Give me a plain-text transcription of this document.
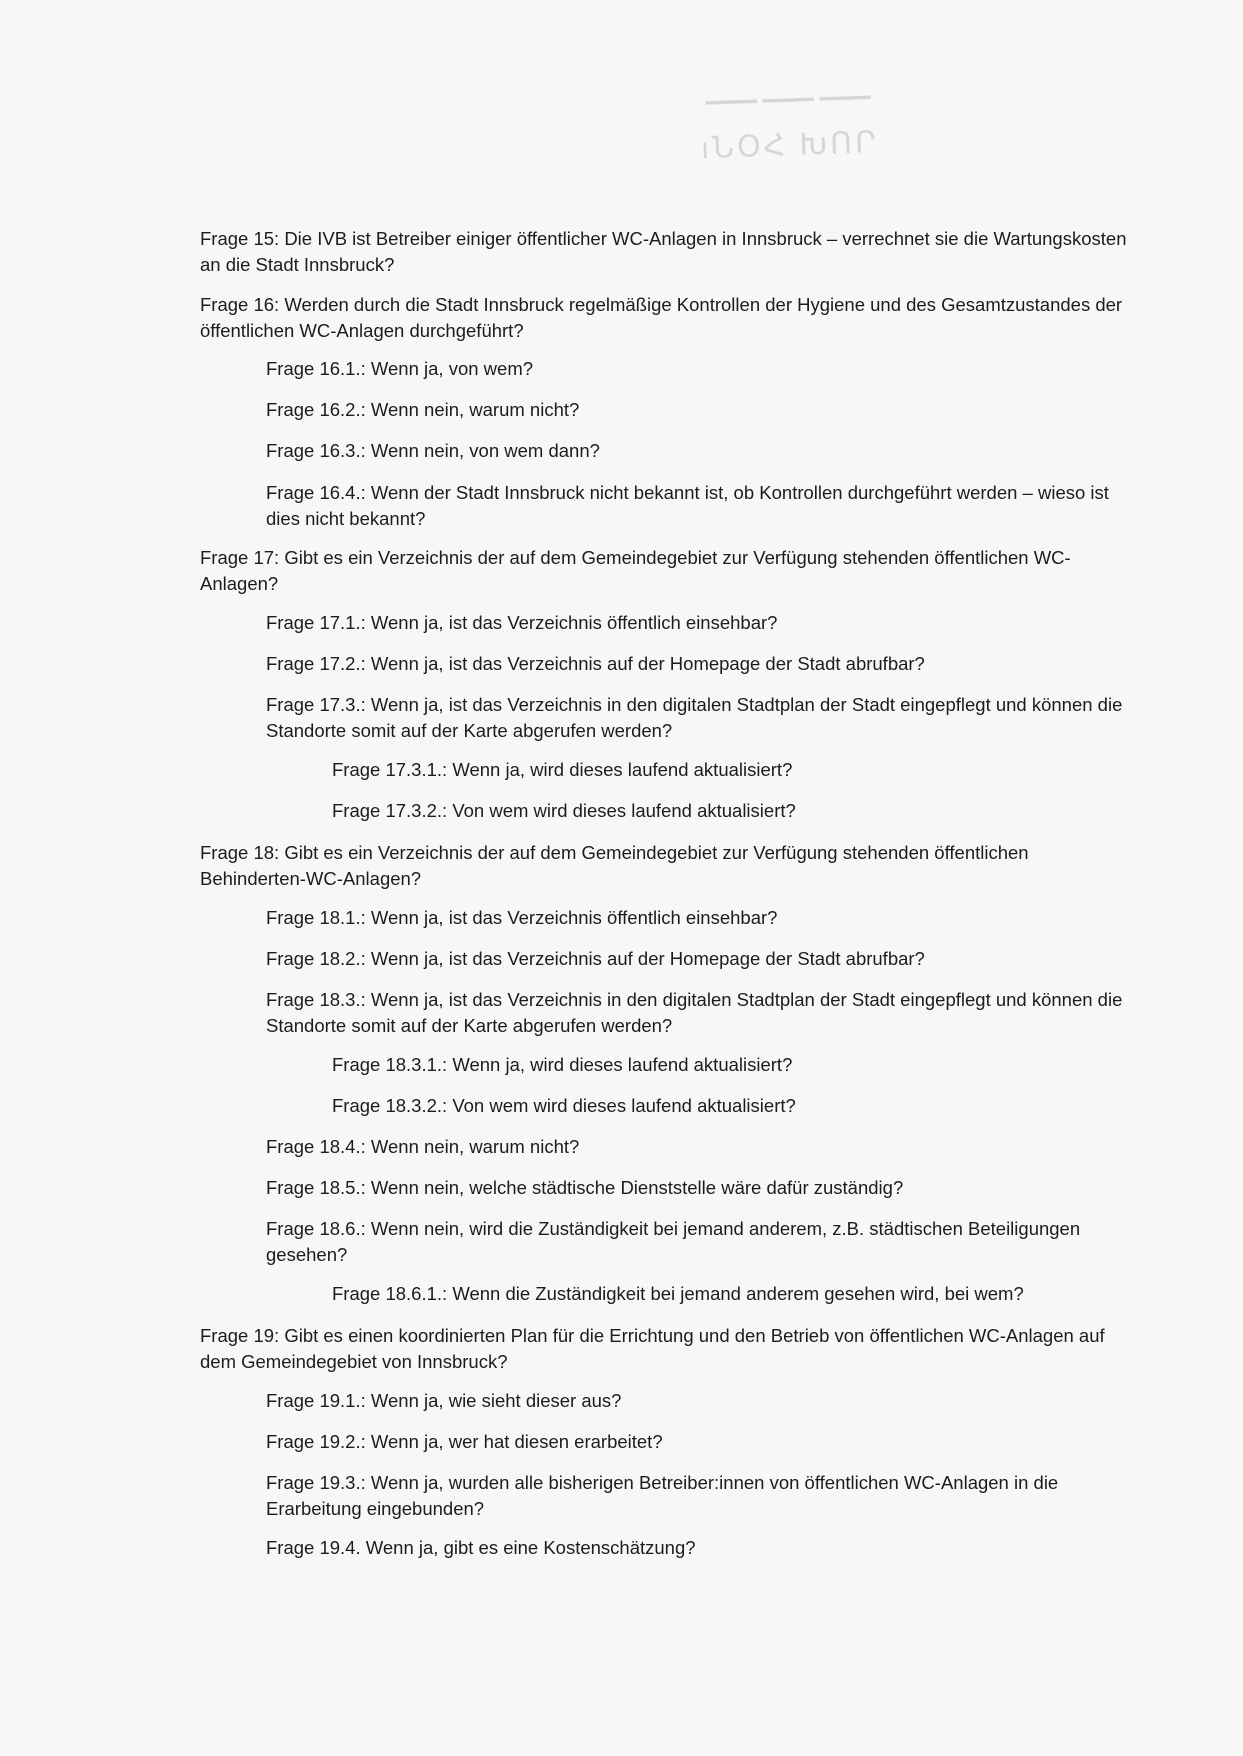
▔▔▔ ▔▔▔ ▔▔▔
ıՆՕՀ ԽՈՐ

Frage 15: Die IVB ist Betreiber einiger öffentlicher WC-Anlagen in Innsbruck – verrechnet sie die Wartungskosten an die Stadt Innsbruck?

Frage 16: Werden durch die Stadt Innsbruck regelmäßige Kontrollen der Hygiene und des Gesamtzustandes der öffentlichen WC-Anlagen durchgeführt?

Frage 16.1.: Wenn ja, von wem?

Frage 16.2.: Wenn nein, warum nicht?

Frage 16.3.: Wenn nein, von wem dann?

Frage 16.4.: Wenn der Stadt Innsbruck nicht bekannt ist, ob Kontrollen durchgeführt werden – wieso ist dies nicht bekannt?

Frage 17: Gibt es ein Verzeichnis der auf dem Gemeindegebiet zur Verfügung stehenden öffentlichen WC-Anlagen?

Frage 17.1.: Wenn ja, ist das Verzeichnis öffentlich einsehbar?

Frage 17.2.: Wenn ja, ist das Verzeichnis auf der Homepage der Stadt abrufbar?

Frage 17.3.: Wenn ja, ist das Verzeichnis in den digitalen Stadtplan der Stadt eingepflegt und können die Standorte somit auf der Karte abgerufen werden?

Frage 17.3.1.: Wenn ja, wird dieses laufend aktualisiert?

Frage 17.3.2.: Von wem wird dieses laufend aktualisiert?

Frage 18: Gibt es ein Verzeichnis der auf dem Gemeindegebiet zur Verfügung stehenden öffentlichen Behinderten-WC-Anlagen?

Frage 18.1.: Wenn ja, ist das Verzeichnis öffentlich einsehbar?

Frage 18.2.: Wenn ja, ist das Verzeichnis auf der Homepage der Stadt abrufbar?

Frage 18.3.: Wenn ja, ist das Verzeichnis in den digitalen Stadtplan der Stadt eingepflegt und können die Standorte somit auf der Karte abgerufen werden?

Frage 18.3.1.: Wenn ja, wird dieses laufend aktualisiert?

Frage 18.3.2.: Von wem wird dieses laufend aktualisiert?

Frage 18.4.: Wenn nein, warum nicht?

Frage 18.5.: Wenn nein, welche städtische Dienststelle wäre dafür zuständig?

Frage 18.6.: Wenn nein, wird die Zuständigkeit bei jemand anderem, z.B. städtischen Beteiligungen gesehen?

Frage 18.6.1.: Wenn die Zuständigkeit bei jemand anderem gesehen wird, bei wem?

Frage 19: Gibt es einen koordinierten Plan für die Errichtung und den Betrieb von öffentlichen WC-Anlagen auf dem Gemeindegebiet von Innsbruck?

Frage 19.1.: Wenn ja, wie sieht dieser aus?

Frage 19.2.: Wenn ja, wer hat diesen erarbeitet?

Frage 19.3.: Wenn ja, wurden alle bisherigen Betreiber:innen von öffentlichen WC-Anlagen in die Erarbeitung eingebunden?

Frage 19.4. Wenn ja, gibt es eine Kostenschätzung?
